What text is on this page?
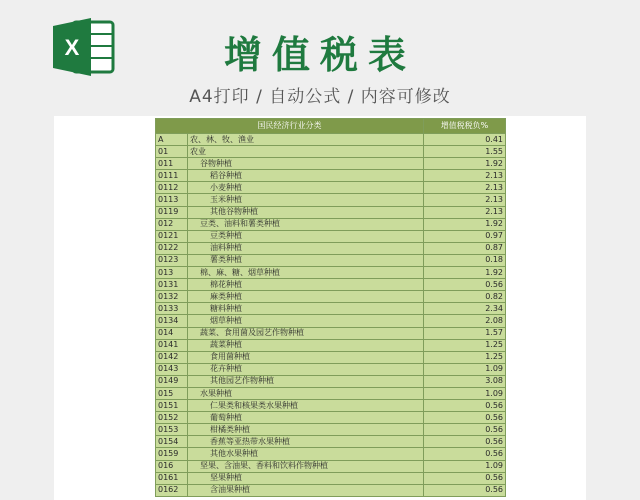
X	增值税表
A4打印 / 自动公式 / 内容可修改
国民经济行业分类		增值税税负%
A	农、林、牧、渔业	0.41
01	农业	1.55
011	谷物种植	1.92
0111	稻谷种植	2.13
0112	小麦种植	2.13
0113	玉米种植	2.13
0119	其他谷物种植	2.13
012	豆类、油料和薯类种植	1.92
0121	豆类种植	0.97
0122	油料种植	0.87
0123	薯类种植	0.18
013	棉、麻、糖、烟草种植	1.92
0131	棉花种植	0.56
0132	麻类种植	0.82
0133	糖料种植	2.34
0134	烟草种植	2.08
014	蔬菜、食用菌及园艺作物种植	1.57
0141	蔬菜种植	1.25
0142	食用菌种植	1.25
0143	花卉种植	1.09
0149	其他园艺作物种植	3.08
015	水果种植	1.09
0151	仁果类和核果类水果种植	0.56
0152	葡萄种植	0.56
0153	柑橘类种植	0.56
0154	香蕉等亚热带水果种植	0.56
0159	其他水果种植	0.56
016	坚果、含油果、香料和饮料作物种植	1.09
0161	坚果种植	0.56
0162	含油果种植	0.56
